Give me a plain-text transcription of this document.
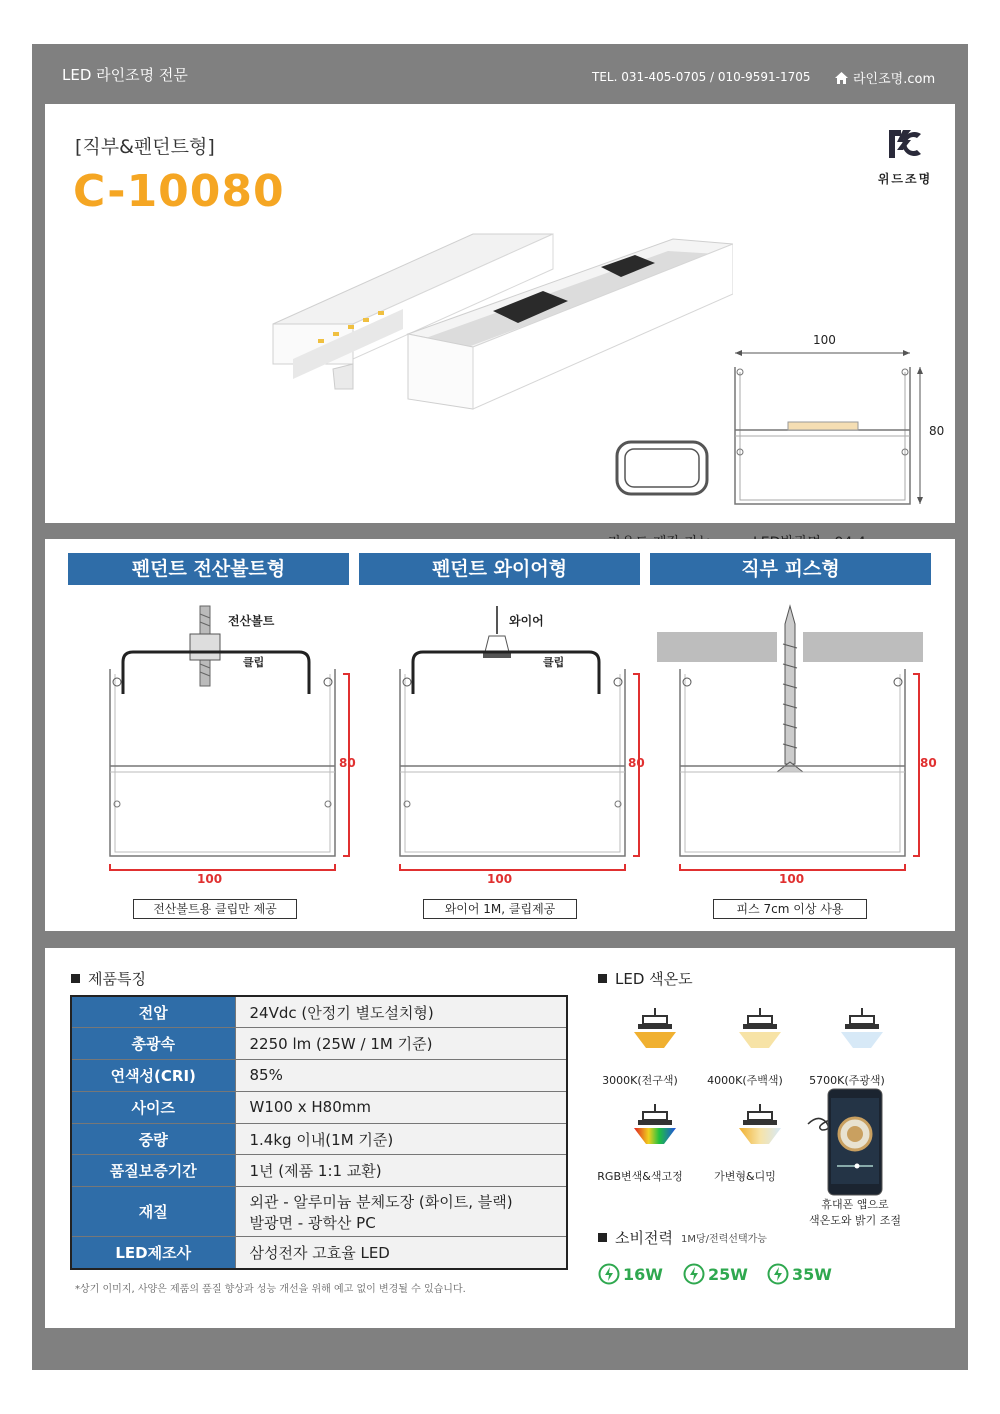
LED 라인조명 전문	TEL. 031-405-0705 / 010-9591-1705	라인조명.com
[직부&펜던트형]
C-10080	위드조명
100
80
펜던트 전산볼트형	펜던트 와이어형	직부 피스형
전산볼트
클립
80
100
와이어
클립
80
100
80
100
전산볼트용 클립만 제공	와이어 1M, 클립제공	피스 7cm 이상 사용
제품특징
전압	24Vdc (안정기 별도설치형)
총광속	2250 lm (25W / 1M 기준)
연색성(CRI)	85%
사이즈	W100 x H80mm
중량	1.4kg 이내(1M 기준)
품질보증기간	1년 (제품 1:1 교환)
재질	외관 - 알루미늄 분체도장 (화이트, 블랙)
발광면 - 광학산 PC

LED제조사	삼성전자 고효율 LED
*상기 이미지, 사양은 제품의 품질 향상과 성능 개선을 위해 예고 없이 변경될 수 있습니다.
LED 색온도
3000K(전구색)	4000K(주백색)	5700K(주광색)
RGB변색&색고정	가변형&디밍
휴대폰 앱으로
색온도와 밝기 조절
소비전력 1M당/전력선택가능
16W	25W	35W
